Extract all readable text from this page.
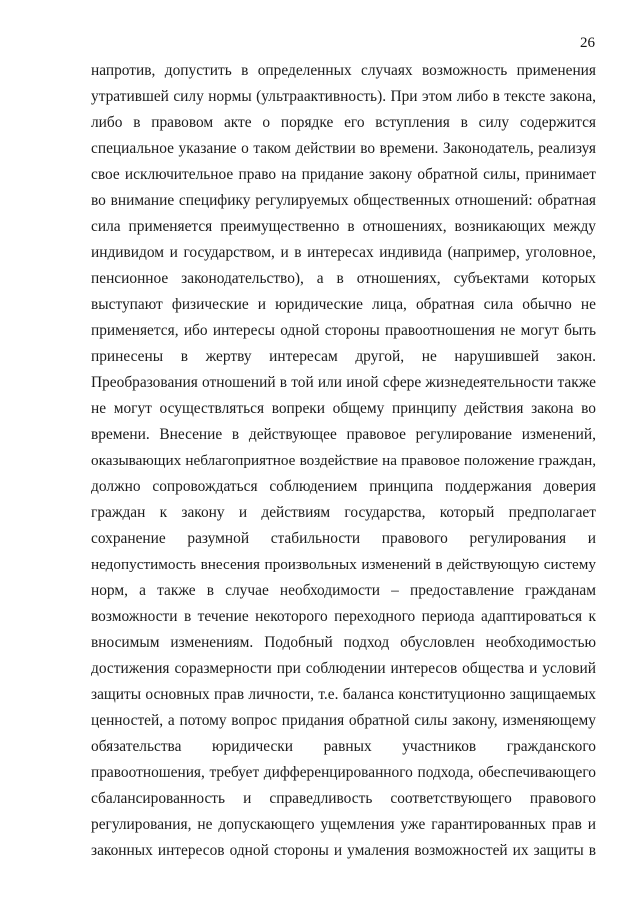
26
напротив, допустить в определенных случаях возможность применения
утратившей силу нормы (ультраактивность). При этом либо в тексте закона,
либо в правовом акте о порядке его вступления в силу содержится
специальное указание о таком действии во времени. Законодатель, реализуя
свое исключительное право на придание закону обратной силы, принимает
во внимание специфику регулируемых общественных отношений: обратная
сила применяется преимущественно в отношениях, возникающих между
индивидом и государством, и в интересах индивида (например, уголовное,
пенсионное законодательство), а в отношениях, субъектами которых
выступают физические и юридические лица, обратная сила обычно не
применяется, ибо интересы одной стороны правоотношения не могут быть
принесены в жертву интересам другой, не нарушившей закон.
Преобразования отношений в той или иной сфере жизнедеятельности также
не могут осуществляться вопреки общему принципу действия закона во
времени. Внесение в действующее правовое регулирование изменений,
оказывающих неблагоприятное воздействие на правовое положение граждан,
должно сопровождаться соблюдением принципа поддержания доверия
граждан к закону и действиям государства, который предполагает
сохранение разумной стабильности правового регулирования и
недопустимость внесения произвольных изменений в действующую систему
норм, а также в случае необходимости – предоставление гражданам
возможности в течение некоторого переходного периода адаптироваться к
вносимым изменениям. Подобный подход обусловлен необходимостью
достижения соразмерности при соблюдении интересов общества и условий
защиты основных прав личности, т.е. баланса конституционно защищаемых
ценностей, а потому вопрос придания обратной силы закону, изменяющему
обязательства юридически равных участников гражданского
правоотношения, требует дифференцированного подхода, обеспечивающего
сбалансированность и справедливость соответствующего правового
регулирования, не допускающего ущемления уже гарантированных прав и
законных интересов одной стороны и умаления возможностей их защиты в
